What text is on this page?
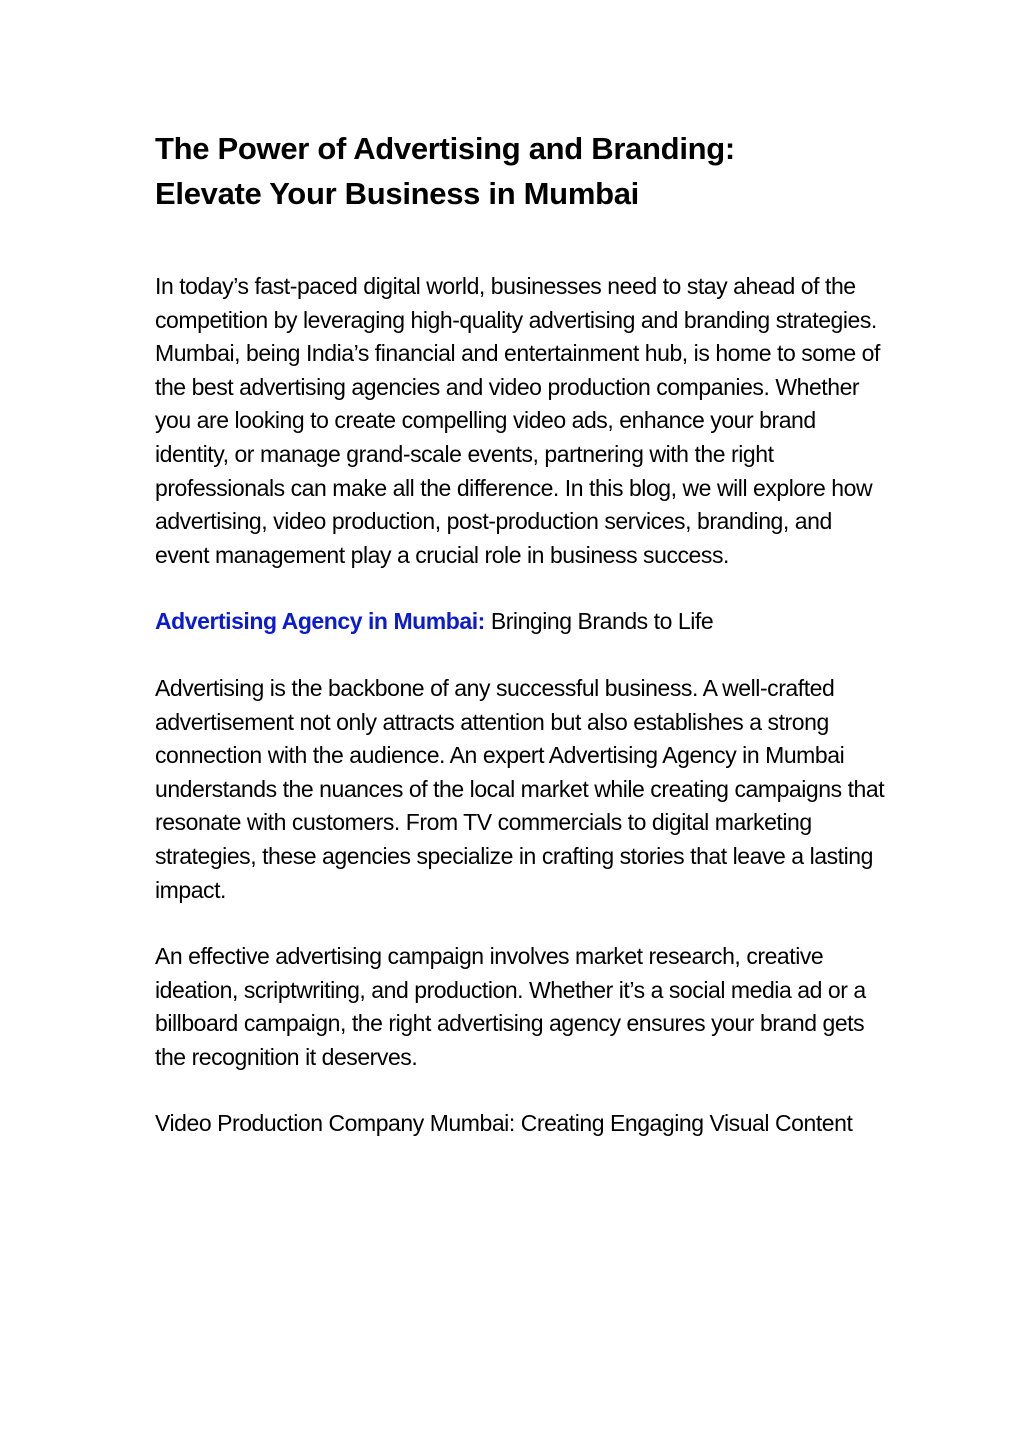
The Power of Advertising and Branding:
Elevate Your Business in Mumbai

In today’s fast-paced digital world, businesses need to stay ahead of the competition by leveraging high-quality advertising and branding strategies. Mumbai, being India’s financial and entertainment hub, is home to some of the best advertising agencies and video production companies. Whether you are looking to create compelling video ads, enhance your brand identity, or manage grand-scale events, partnering with the right professionals can make all the difference. In this blog, we will explore how advertising, video production, post-production services, branding, and event management play a crucial role in business success.

Advertising Agency in Mumbai: Bringing Brands to Life

Advertising is the backbone of any successful business. A well-crafted advertisement not only attracts attention but also establishes a strong connection with the audience. An expert Advertising Agency in Mumbai understands the nuances of the local market while creating campaigns that resonate with customers. From TV commercials to digital marketing strategies, these agencies specialize in crafting stories that leave a lasting impact.

An effective advertising campaign involves market research, creative ideation, scriptwriting, and production. Whether it’s a social media ad or a billboard campaign, the right advertising agency ensures your brand gets the recognition it deserves.

Video Production Company Mumbai: Creating Engaging Visual Content
